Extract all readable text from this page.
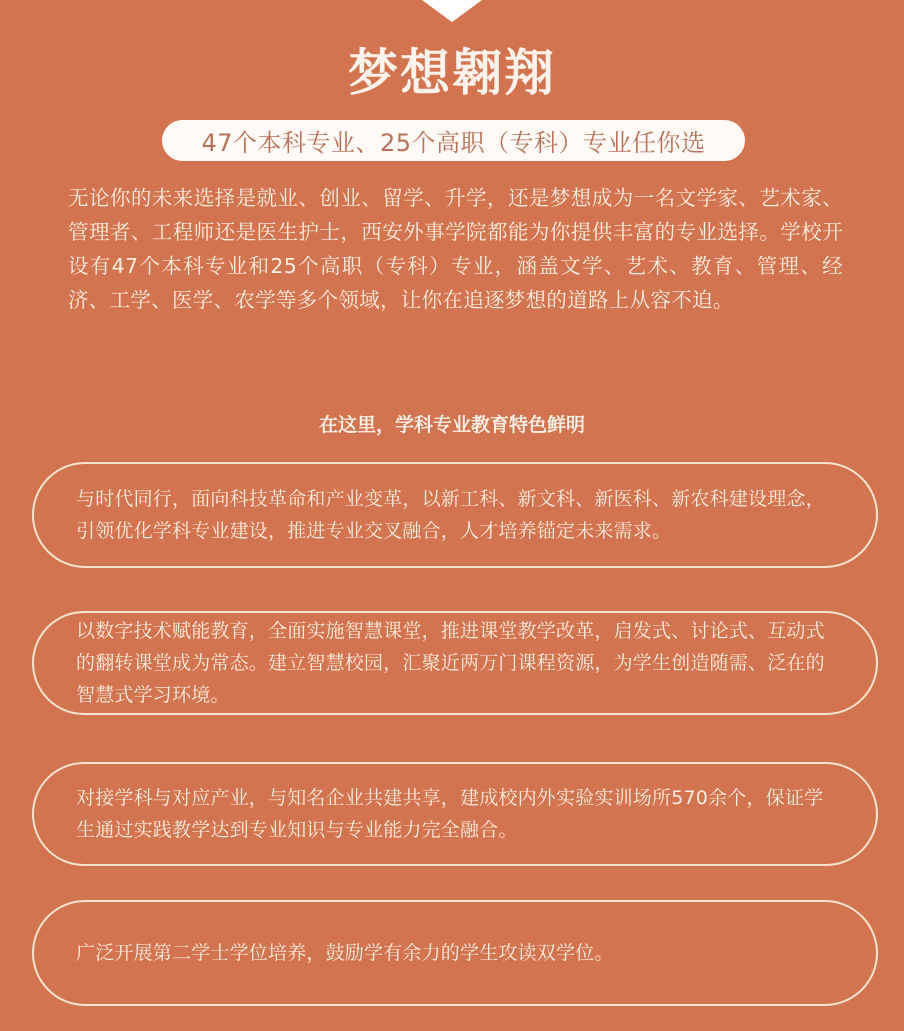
梦想翱翔
47个本科专业、25个高职（专科）专业任你选

无论你的未来选择是就业、创业、留学、升学，还是梦想成为一名文学家、艺术家、管理者、工程师还是医生护士，西安外事学院都能为你提供丰富的专业选择。学校开设有47个本科专业和25个高职（专科）专业，涵盖文学、艺术、教育、管理、经济、工学、医学、农学等多个领域，让你在追逐梦想的道路上从容不迫。

在这里，学科专业教育特色鲜明

与时代同行，面向科技革命和产业变革，以新工科、新文科、新医科、新农科建设理念，引领优化学科专业建设，推进专业交叉融合，人才培养锚定未来需求。

以数字技术赋能教育，全面实施智慧课堂，推进课堂教学改革，启发式、讨论式、互动式的翻转课堂成为常态。建立智慧校园，汇聚近两万门课程资源，为学生创造随需、泛在的智慧式学习环境。

对接学科与对应产业，与知名企业共建共享，建成校内外实验实训场所570余个，保证学生通过实践教学达到专业知识与专业能力完全融合。

广泛开展第二学士学位培养，鼓励学有余力的学生攻读双学位。
